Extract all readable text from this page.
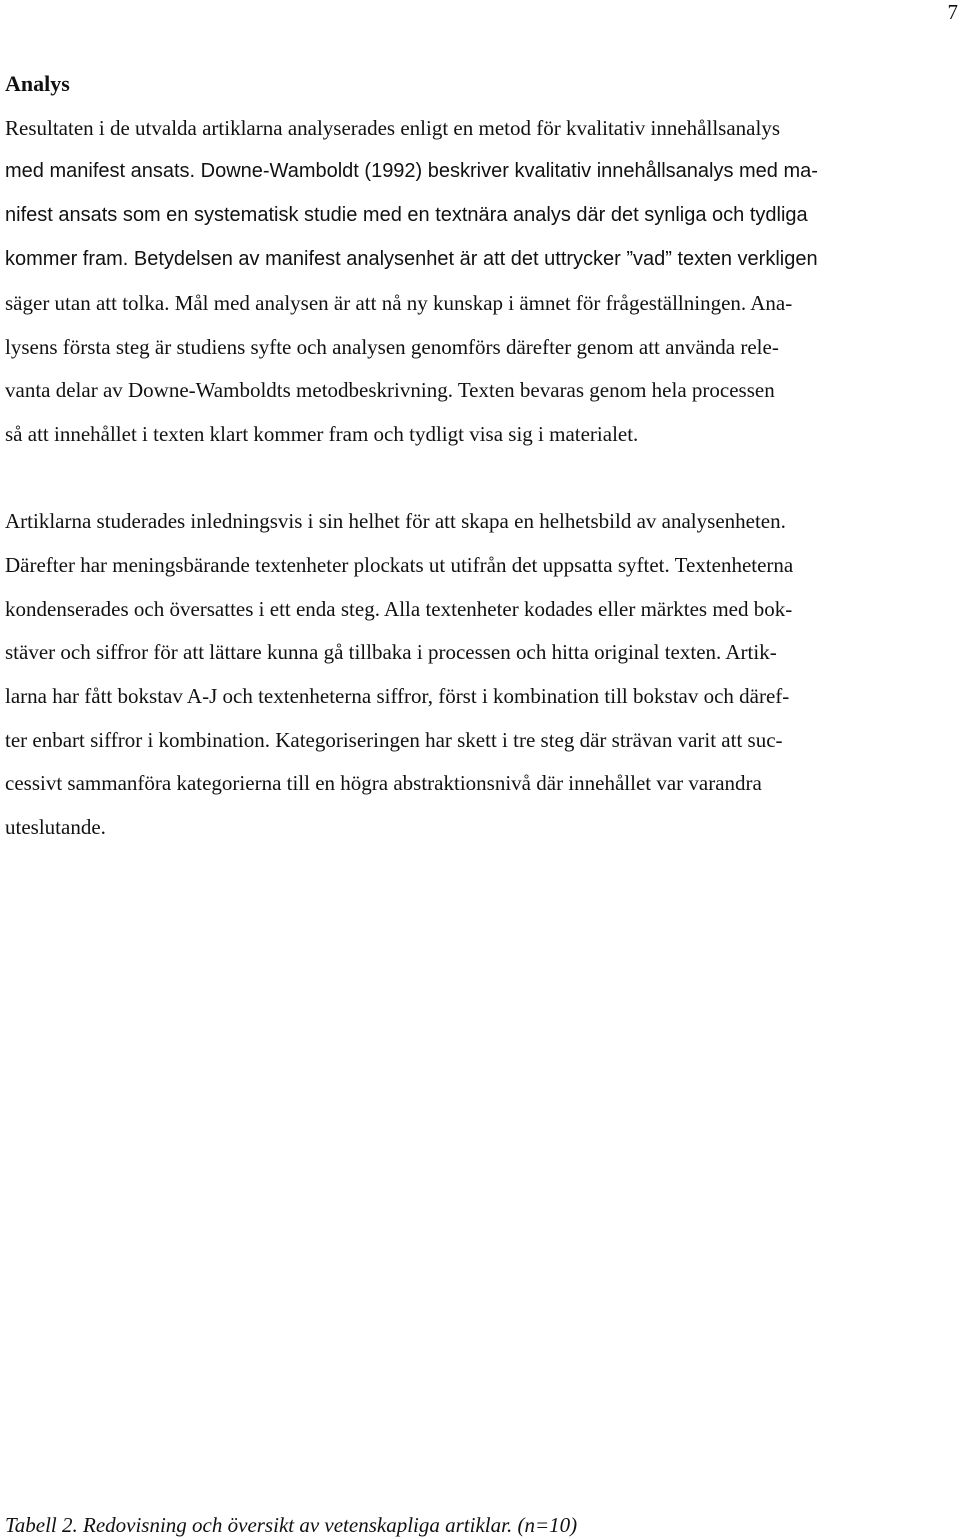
7
Analys

Resultaten i de utvalda artiklarna analyserades enligt en metod för kvalitativ innehållsanalys

med manifest ansats. Downe-Wamboldt (1992) beskriver kvalitativ innehållsanalys med ma-

nifest ansats som en systematisk studie med en textnära analys där det synliga och tydliga

kommer fram. Betydelsen av manifest analysenhet är att det uttrycker ”vad” texten verkligen

säger utan att tolka. Mål med analysen är att nå ny kunskap i ämnet för frågeställningen. Ana-

lysens första steg är studiens syfte och analysen genomförs därefter genom att använda rele-

vanta delar av Downe-Wamboldts metodbeskrivning. Texten bevaras genom hela processen

så att innehållet i texten klart kommer fram och tydligt visa sig i materialet.

Artiklarna studerades inledningsvis i sin helhet för att skapa en helhetsbild av analysenheten.

Därefter har meningsbärande textenheter plockats ut utifrån det uppsatta syftet. Textenheterna

kondenserades och översattes i ett enda steg. Alla textenheter kodades eller märktes med bok-

stäver och siffror för att lättare kunna gå tillbaka i processen och hitta original texten. Artik-

larna har fått bokstav A-J och textenheterna siffror, först i kombination till bokstav och däref-

ter enbart siffror i kombination. Kategoriseringen har skett i tre steg där strävan varit att suc-

cessivt sammanföra kategorierna till en högra abstraktionsnivå där innehållet var varandra

uteslutande.

Tabell 2. Redovisning och översikt av vetenskapliga artiklar. (n=10)
